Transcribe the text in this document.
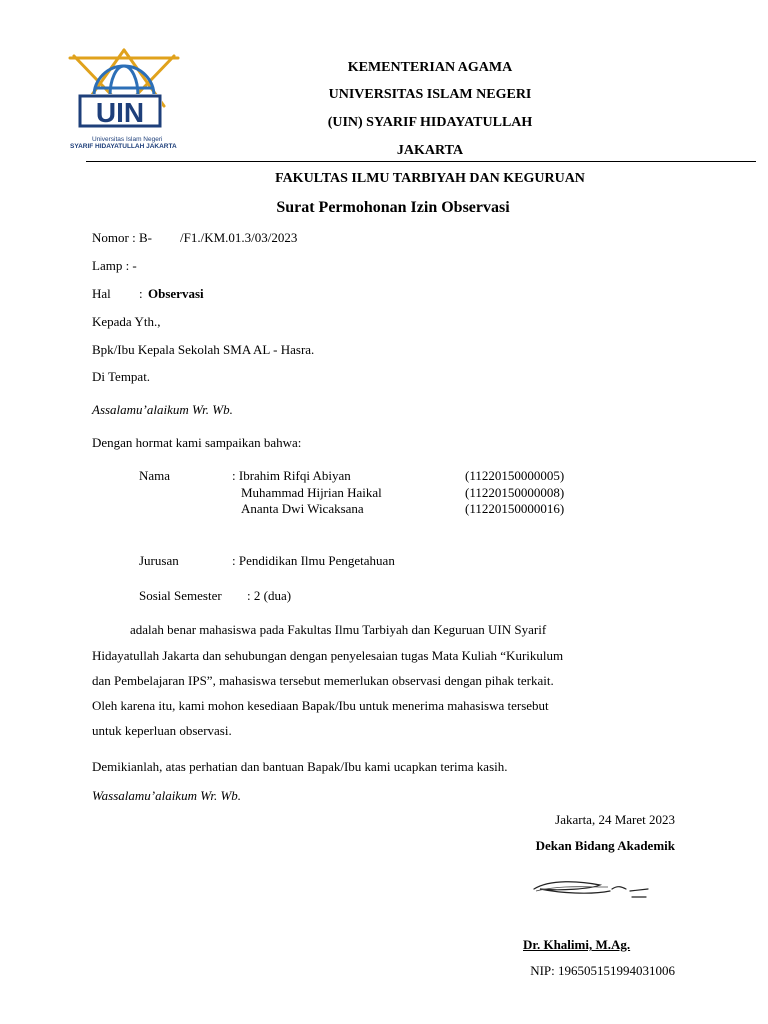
UIN
Universitas Islam Negeri
SYARIF HIDAYATULLAH JAKARTA
KEMENTERIAN AGAMA
UNIVERSITAS ISLAM NEGERI
(UIN) SYARIF HIDAYATULLAH
JAKARTA
FAKULTAS ILMU TARBIYAH DAN KEGURUAN
Surat Permohonan Izin Observasi
Nomor : B- /F1./KM.01.3/03/2023
Lamp : -
Hal : Observasi
Kepada Yth.,
Bpk/Ibu Kepala Sekolah SMA AL - Hasra.
Di Tempat.
Assalamu’alaikum Wr. Wb.
Dengan hormat kami sampaikan bahwa:
Nama	: Ibrahim Rifqi Abiyan	(11220150000005)
Muhammad Hijrian Haikal	(11220150000008)
Ananta Dwi Wicaksana	(11220150000016)
Jurusan	: Pendidikan Ilmu Pengetahuan
Sosial Semester : 2 (dua)
adalah benar mahasiswa pada Fakultas Ilmu Tarbiyah dan Keguruan UIN Syarif
Hidayatullah Jakarta dan sehubungan dengan penyelesaian tugas Mata Kuliah “Kurikulum
dan Pembelajaran IPS”, mahasiswa tersebut memerlukan observasi dengan pihak terkait.
Oleh karena itu, kami mohon kesediaan Bapak/Ibu untuk menerima mahasiswa tersebut
untuk keperluan observasi.
Demikianlah, atas perhatian dan bantuan Bapak/Ibu kami ucapkan terima kasih.
Wassalamu’alaikum Wr. Wb.
Jakarta, 24 Maret 2023
Dekan Bidang Akademik
Dr. Khalimi, M.Ag.
NIP: 196505151994031006
